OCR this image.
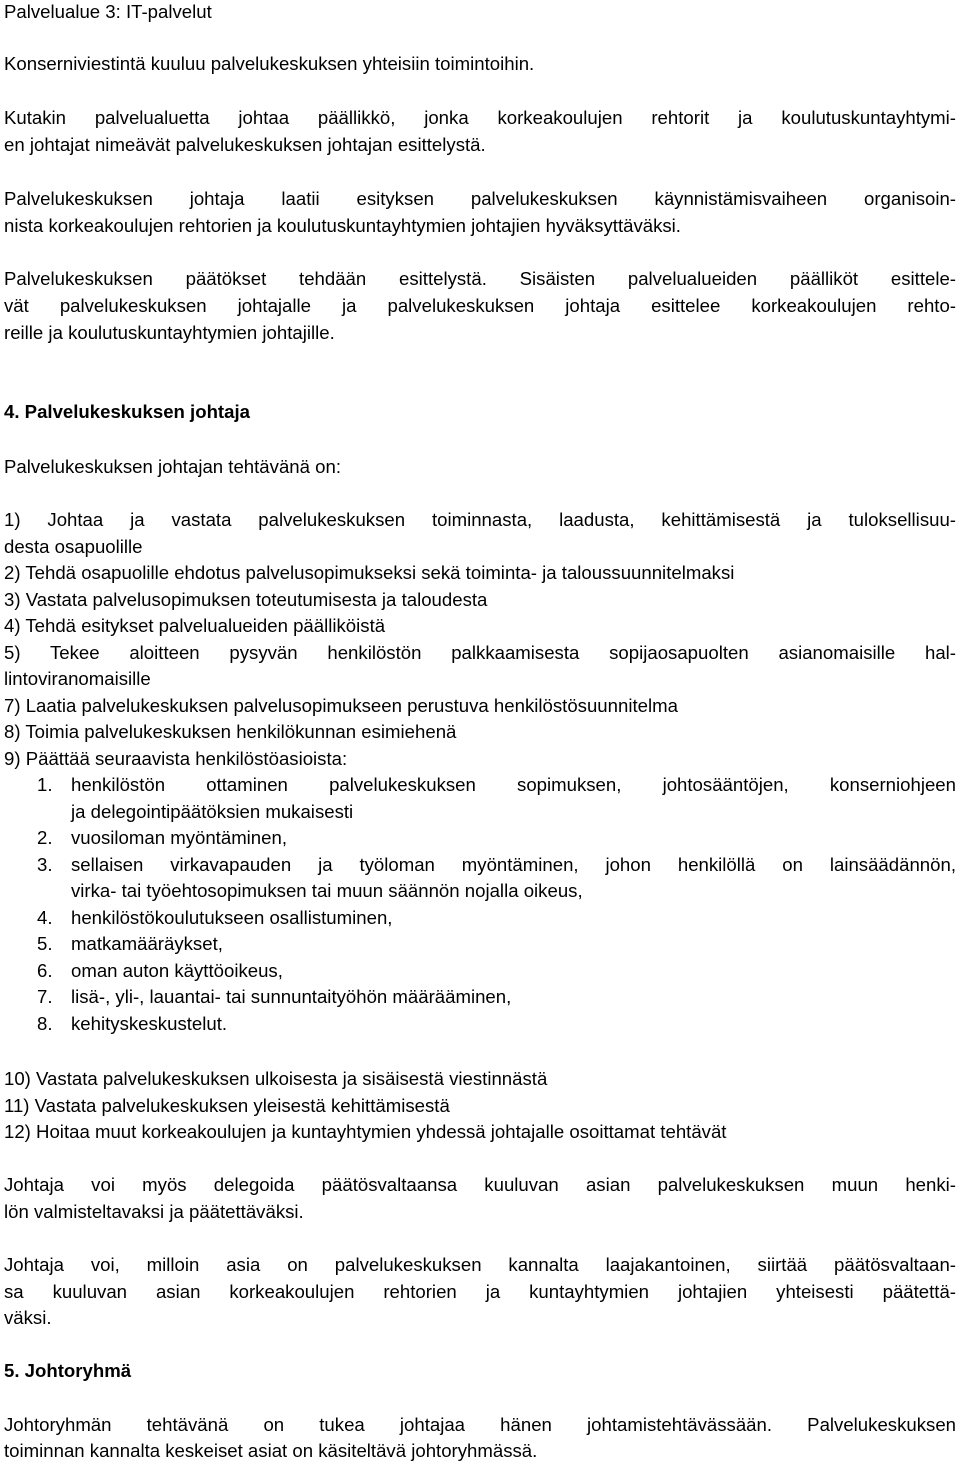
Palvelualue 3: IT-palvelut
Konserniviestintä kuuluu palvelukeskuksen yhteisiin toimintoihin.
Kutakin palvelualuetta johtaa päällikkö, jonka korkeakoulujen rehtorit ja koulutuskuntayhtymi-
en johtajat nimeävät palvelukeskuksen johtajan esittelystä.
Palvelukeskuksen johtaja laatii esityksen palvelukeskuksen käynnistämisvaiheen organisoin-
nista korkeakoulujen rehtorien ja koulutuskuntayhtymien johtajien hyväksyttäväksi.
Palvelukeskuksen päätökset tehdään esittelystä. Sisäisten palvelualueiden päälliköt esittele-
vät palvelukeskuksen johtajalle ja palvelukeskuksen johtaja esittelee korkeakoulujen rehto-
reille ja koulutuskuntayhtymien johtajille.
4. Palvelukeskuksen johtaja
Palvelukeskuksen johtajan tehtävänä on:
1) Johtaa ja vastata palvelukeskuksen toiminnasta, laadusta, kehittämisestä ja tuloksellisuu-
desta osapuolille
2) Tehdä osapuolille ehdotus palvelusopimukseksi sekä toiminta- ja taloussuunnitelmaksi
3) Vastata palvelusopimuksen toteutumisesta ja taloudesta
4) Tehdä esitykset palvelualueiden päälliköistä
5) Tekee aloitteen pysyvän henkilöstön palkkaamisesta sopijaosapuolten asianomaisille hal-
lintoviranomaisille
7) Laatia palvelukeskuksen palvelusopimukseen perustuva henkilöstösuunnitelma
8) Toimia palvelukeskuksen henkilökunnan esimiehenä
9) Päättää seuraavista henkilöstöasioista:
1. henkilöstön ottaminen palvelukeskuksen sopimuksen, johtosääntöjen, konserniohjeen
ja delegointipäätöksien mukaisesti
2. vuosiloman myöntäminen,
3. sellaisen virkavapauden ja työloman myöntäminen, johon henkilöllä on lainsäädännön,
virka- tai työehtosopimuksen tai muun säännön nojalla oikeus,
4. henkilöstökoulutukseen osallistuminen,
5. matkamääräykset,
6. oman auton käyttöoikeus,
7. lisä-, yli-, lauantai- tai sunnuntaityöhön määrääminen,
8. kehityskeskustelut.
10) Vastata palvelukeskuksen ulkoisesta ja sisäisestä viestinnästä
11) Vastata palvelukeskuksen yleisestä kehittämisestä
12) Hoitaa muut korkeakoulujen ja kuntayhtymien yhdessä johtajalle osoittamat tehtävät
Johtaja voi myös delegoida päätösvaltaansa kuuluvan asian palvelukeskuksen muun henki-
lön valmisteltavaksi ja päätettäväksi.
Johtaja voi, milloin asia on palvelukeskuksen kannalta laajakantoinen, siirtää päätösvaltaan-
sa kuuluvan asian korkeakoulujen rehtorien ja kuntayhtymien johtajien yhteisesti päätettä-
väksi.
5. Johtoryhmä
Johtoryhmän tehtävänä on tukea johtajaa hänen johtamistehtävässään. Palvelukeskuksen
toiminnan kannalta keskeiset asiat on käsiteltävä johtoryhmässä.
